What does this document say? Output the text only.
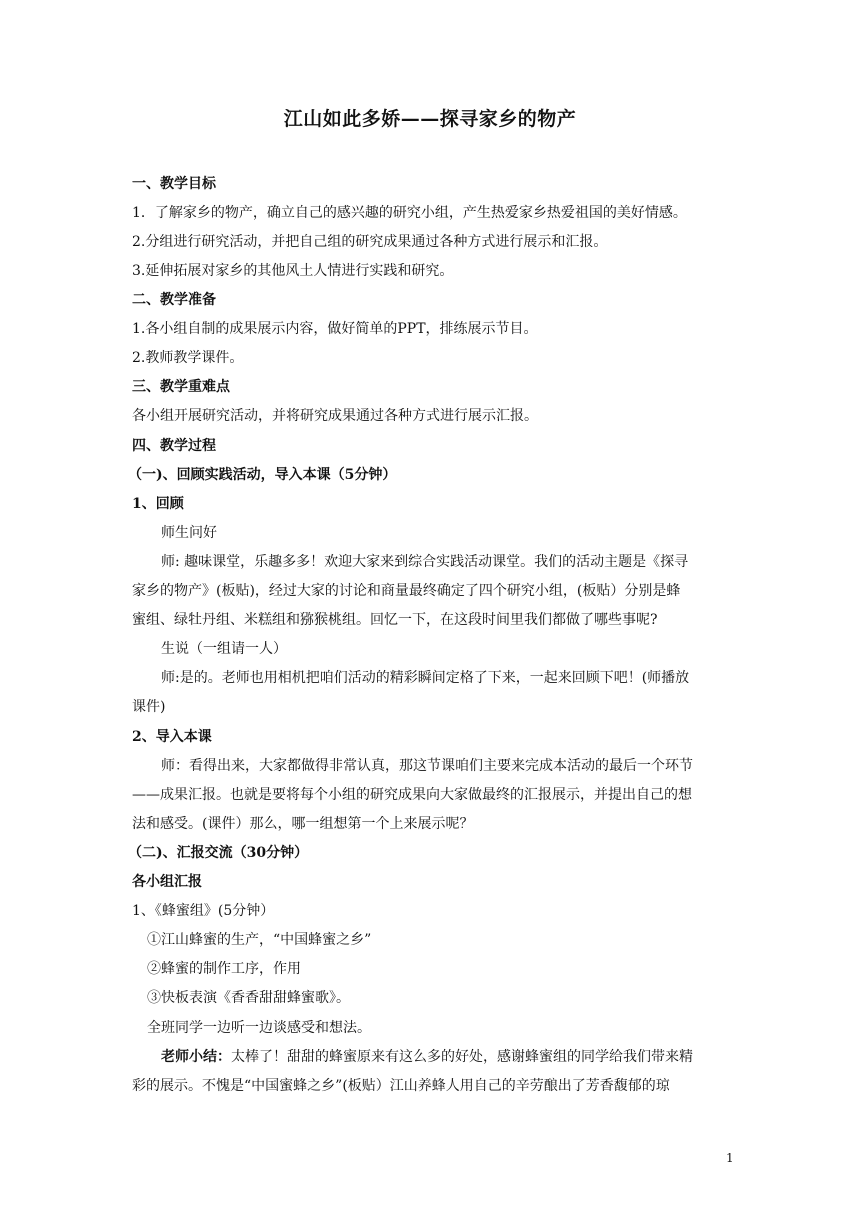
江山如此多娇——探寻家乡的物产
一、教学目标
1．了解家乡的物产，确立自己的感兴趣的研究小组，产生热爱家乡热爱祖国的美好情感。
2.分组进行研究活动，并把自己组的研究成果通过各种方式进行展示和汇报。
3.延伸拓展对家乡的其他风土人情进行实践和研究。
二、教学准备
1.各小组自制的成果展示内容，做好简单的PPT，排练展示节目。
2.教师教学课件。
三、教学重难点
各小组开展研究活动，并将研究成果通过各种方式进行展示汇报。
四、教学过程
（一)、回顾实践活动，导入本课（5分钟）
1、回顾
师生问好
师: 趣味课堂，乐趣多多！欢迎大家来到综合实践活动课堂。我们的活动主题是《探寻
家乡的物产》(板贴)，经过大家的讨论和商量最终确定了四个研究小组，(板贴）分别是蜂
蜜组、绿牡丹组、米糕组和猕猴桃组。回忆一下，在这段时间里我们都做了哪些事呢?
生说（一组请一人）
师:是的。老师也用相机把咱们活动的精彩瞬间定格了下来，一起来回顾下吧！(师播放
课件)
2、导入本课
师：看得出来，大家都做得非常认真，那这节课咱们主要来完成本活动的最后一个环节
——成果汇报。也就是要将每个小组的研究成果向大家做最终的汇报展示，并提出自己的想
法和感受。(课件）那么，哪一组想第一个上来展示呢？
（二)、汇报交流（30分钟）
各小组汇报
1、《蜂蜜组》(5分钟）
①江山蜂蜜的生产，“中国蜂蜜之乡”
②蜂蜜的制作工序，作用
③快板表演《香香甜甜蜂蜜歌》。
全班同学一边听一边谈感受和想法。
老师小结：太棒了！甜甜的蜂蜜原来有这么多的好处，感谢蜂蜜组的同学给我们带来精
彩的展示。不愧是“中国蜜蜂之乡”(板贴）江山养蜂人用自己的辛劳酿出了芳香馥郁的琼
1
